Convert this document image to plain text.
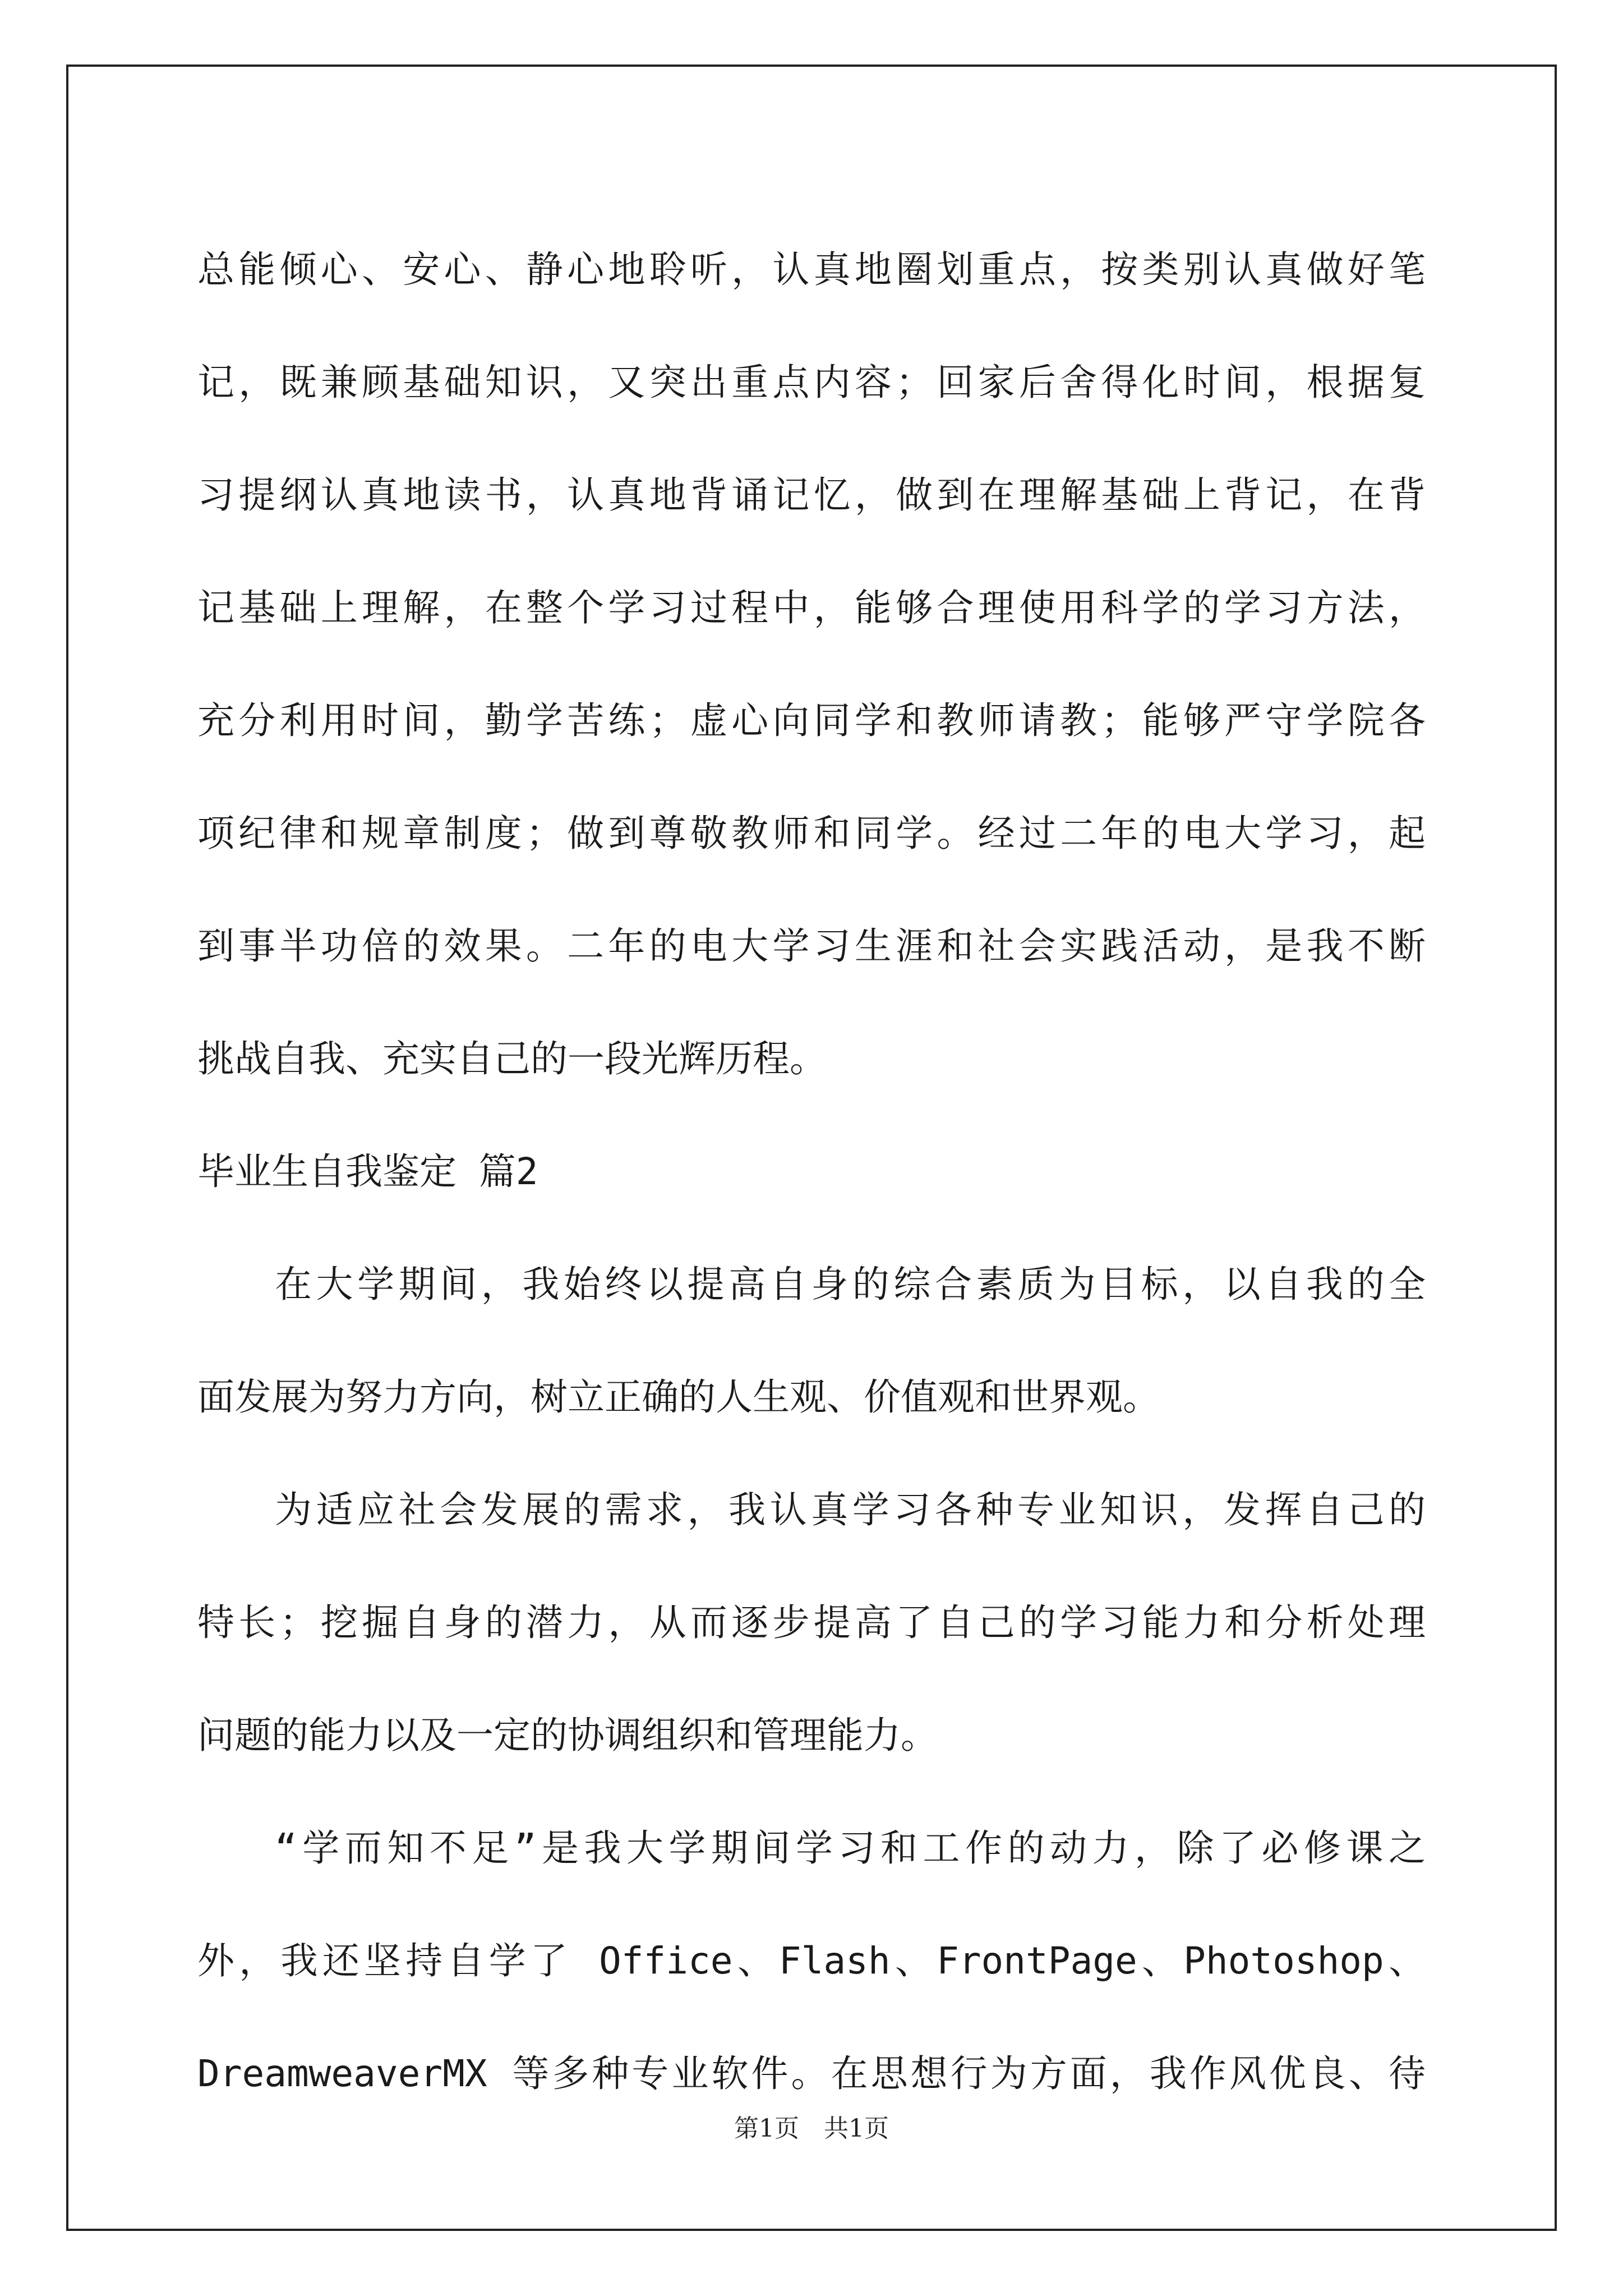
总能倾心、安心、静心地聆听，认真地圈划重点，按类别认真做好笔
记，既兼顾基础知识，又突出重点内容；回家后舍得化时间，根据复
习提纲认真地读书，认真地背诵记忆，做到在理解基础上背记，在背
记基础上理解，在整个学习过程中，能够合理使用科学的学习方法，
充分利用时间，勤学苦练；虚心向同学和教师请教；能够严守学院各
项纪律和规章制度；做到尊敬教师和同学。经过二年的电大学习，起
到事半功倍的效果。二年的电大学习生涯和社会实践活动，是我不断
挑战自我、充实自己的一段光辉历程。
毕业生自我鉴定 篇2
在大学期间，我始终以提高自身的综合素质为目标，以自我的全
面发展为努力方向，树立正确的人生观、价值观和世界观。
为适应社会发展的需求，我认真学习各种专业知识，发挥自己的
特长；挖掘自身的潜力，从而逐步提高了自己的学习能力和分析处理
问题的能力以及一定的协调组织和管理能力。
“学而知不足”是我大学期间学习和工作的动力，除了必修课之
外，我还坚持自学了 Office、Flash、FrontPage、Photoshop、
DreamweaverMX 等多种专业软件。在思想行为方面，我作风优良、待
第1页　共1页
